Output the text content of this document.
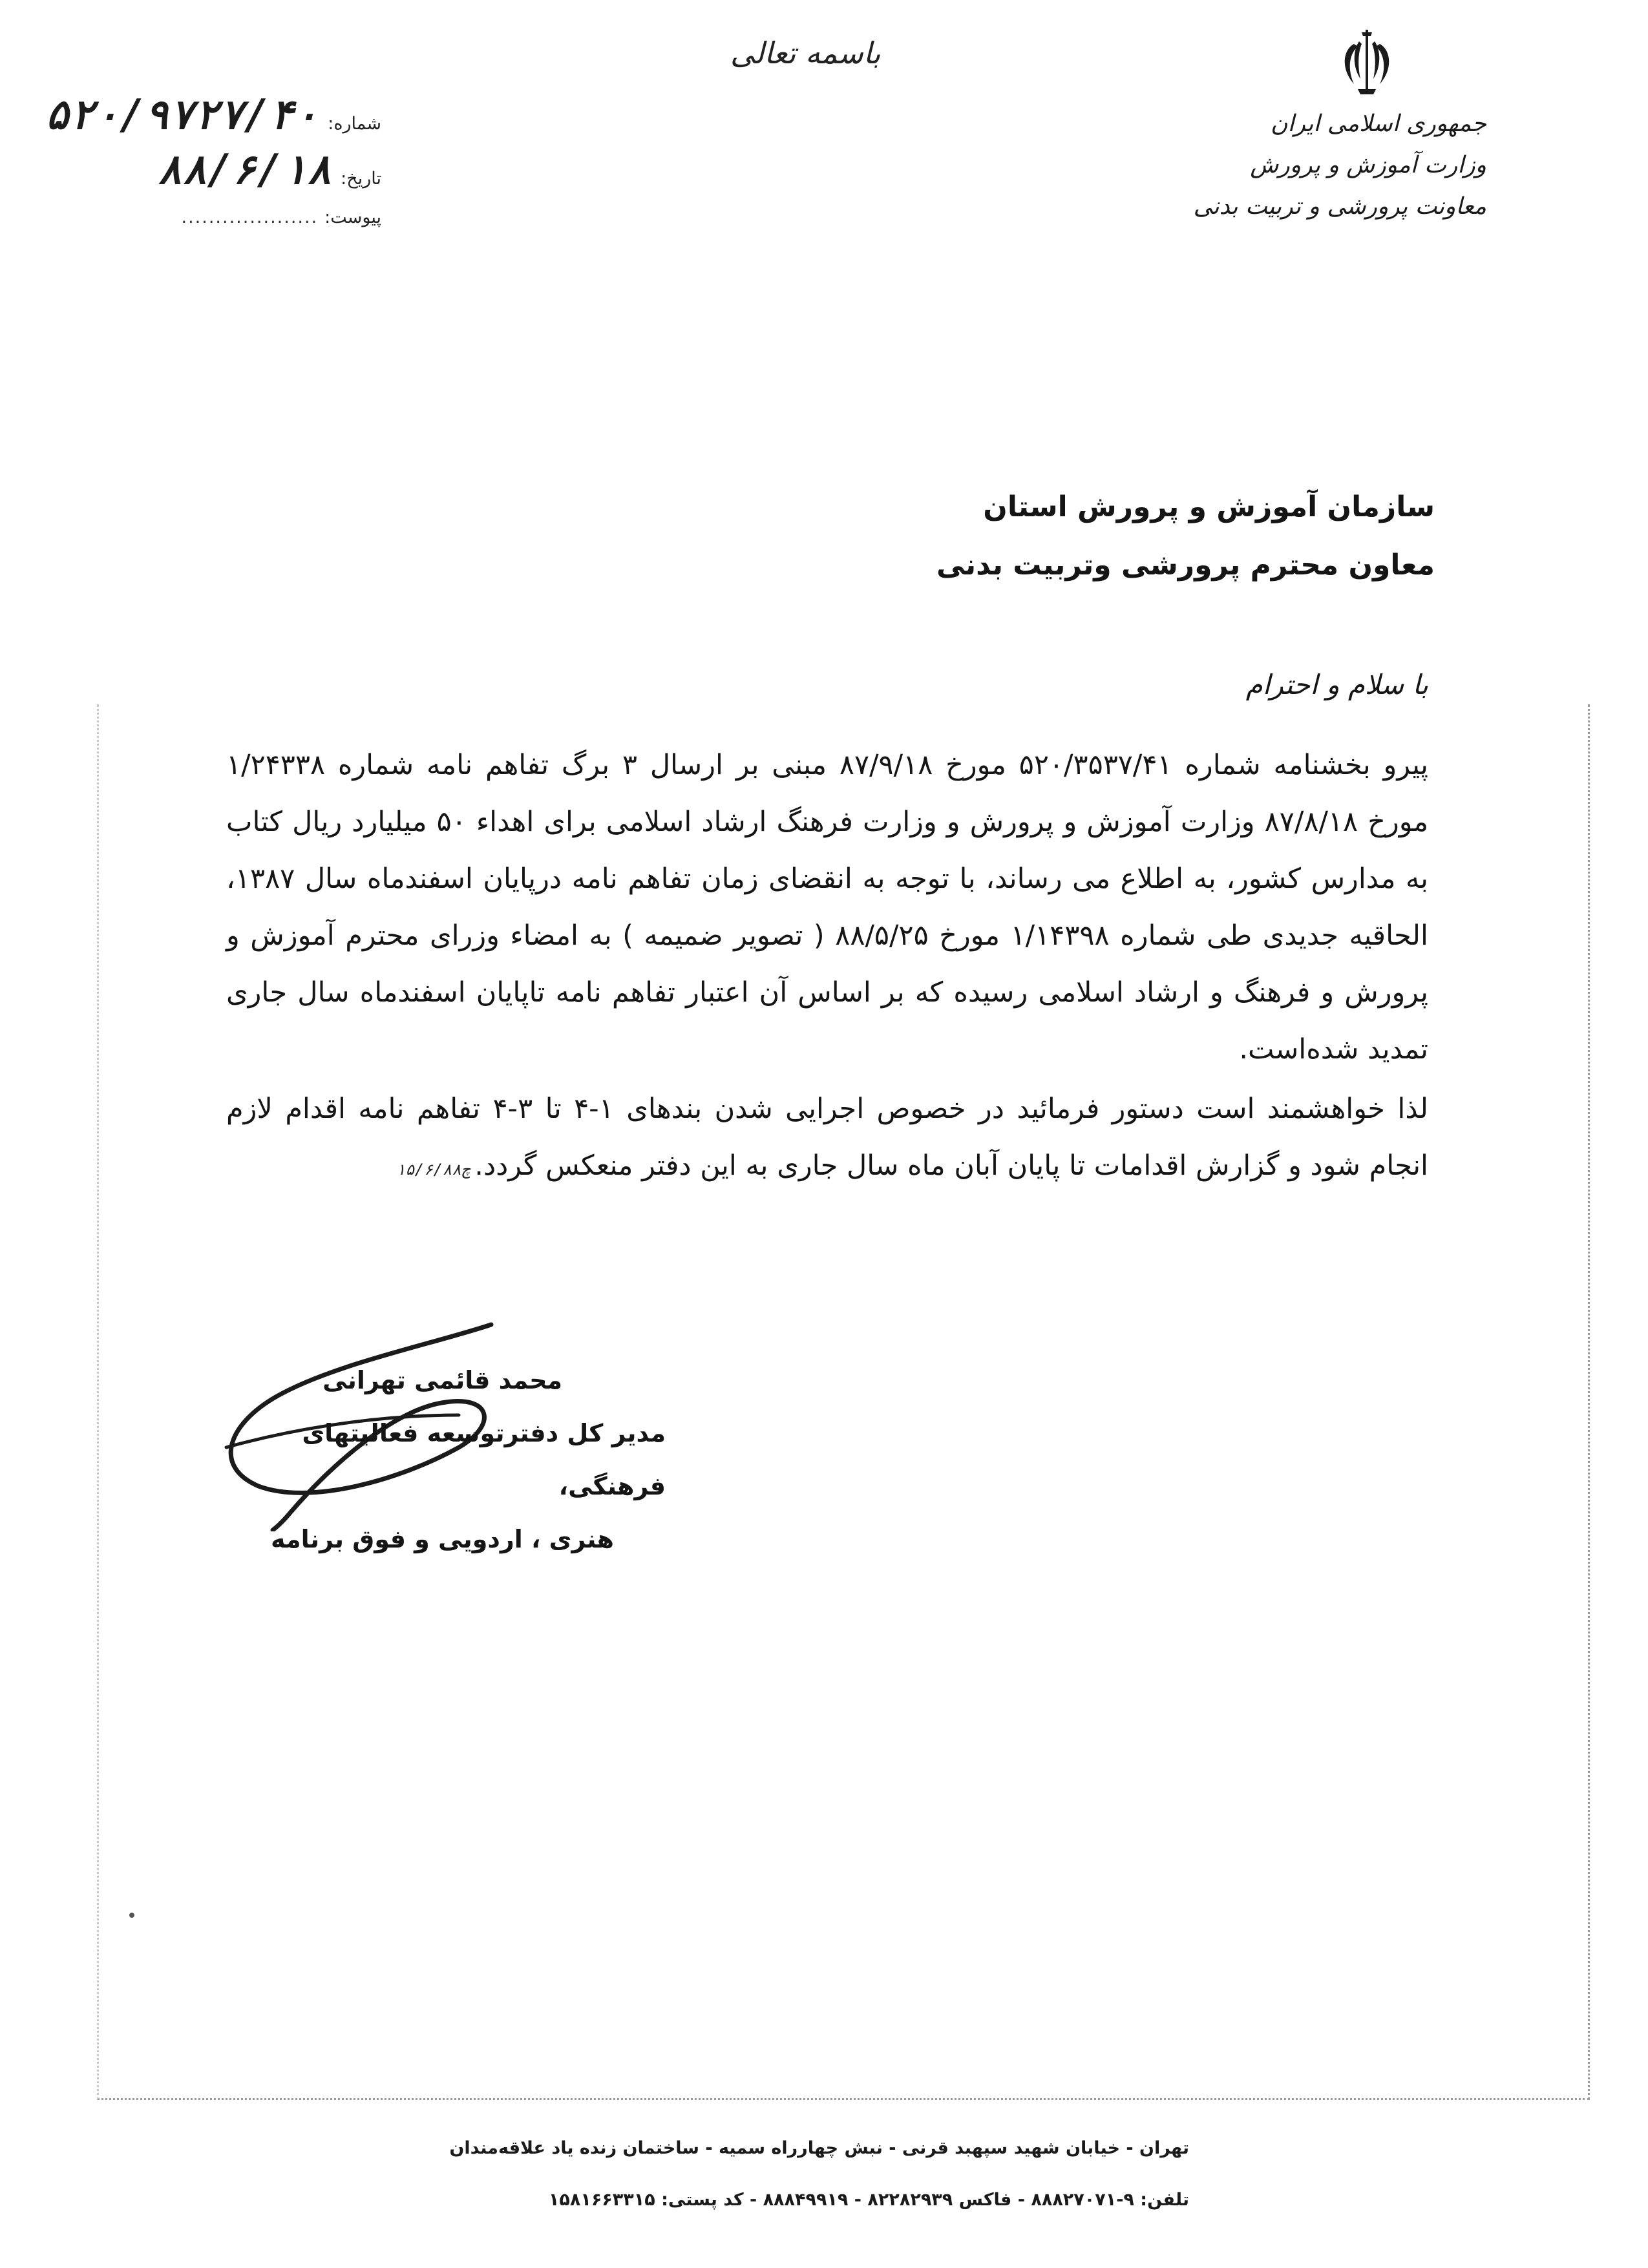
باسمه تعالی
جمهوری اسلامی ایران
وزارت آموزش و پرورش
معاونت پرورشی و تربیت بدنی
شماره:
۵۲۰/۹۷۲۷/۴۰
تاریخ:
۸۸/۶/۱۸
پیوست:
....................
سازمان آموزش و پرورش استان
معاون محترم پرورشی وتربیت بدنی
با سلام و احترام

پیرو بخشنامه شماره ۵۲۰/۳۵۳۷/۴۱ مورخ ۸۷/۹/۱۸ مبنی بر ارسال ۳ برگ تفاهم نامه شماره ۱/۲۴۳۳۸ مورخ ۸۷/۸/۱۸ وزارت آموزش و پرورش و وزارت فرهنگ ارشاد اسلامی برای اهداء ۵۰ میلیارد ریال کتاب به مدارس کشور، به اطلاع می رساند، با توجه به انقضای زمان تفاهم نامه درپایان اسفندماه سال ۱۳۸۷، الحاقیه جدیدی طی شماره ۱/۱۴۳۹۸ مورخ ۸۸/۵/۲۵ ( تصویر ضمیمه ) به امضاء وزرای محترم آموزش و پرورش و فرهنگ و ارشاد اسلامی رسیده که بر اساس آن اعتبار تفاهم نامه تاپایان اسفندماه سال جاری تمدید شده‌است.

لذا خواهشمند است دستور فرمائید در خصوص اجرایی شدن بندهای ۱-۴ تا ۳-۴ تفاهم نامه اقدام لازم انجام شود و گزارش اقدامات تا پایان آبان ماه سال جاری به این دفتر منعکس گردد.چ۱۵/۶/۸۸

محمد قائمی تهرانی
مدیر کل دفترتوسعه فعالیتهای فرهنگی،
هنری ، اردویی و فوق برنامه
تهران - خیابان شهید سپهبد قرنی - نبش چهارراه سمیه - ساختمان زنده یاد علاقه‌مندان
تلفن: ۹-۸۸۸۲۷۰۷۱ - فاکس ۸۲۲۸۲۹۳۹ - ۸۸۸۴۹۹۱۹ - کد پستی: ۱۵۸۱۶۶۳۳۱۵
